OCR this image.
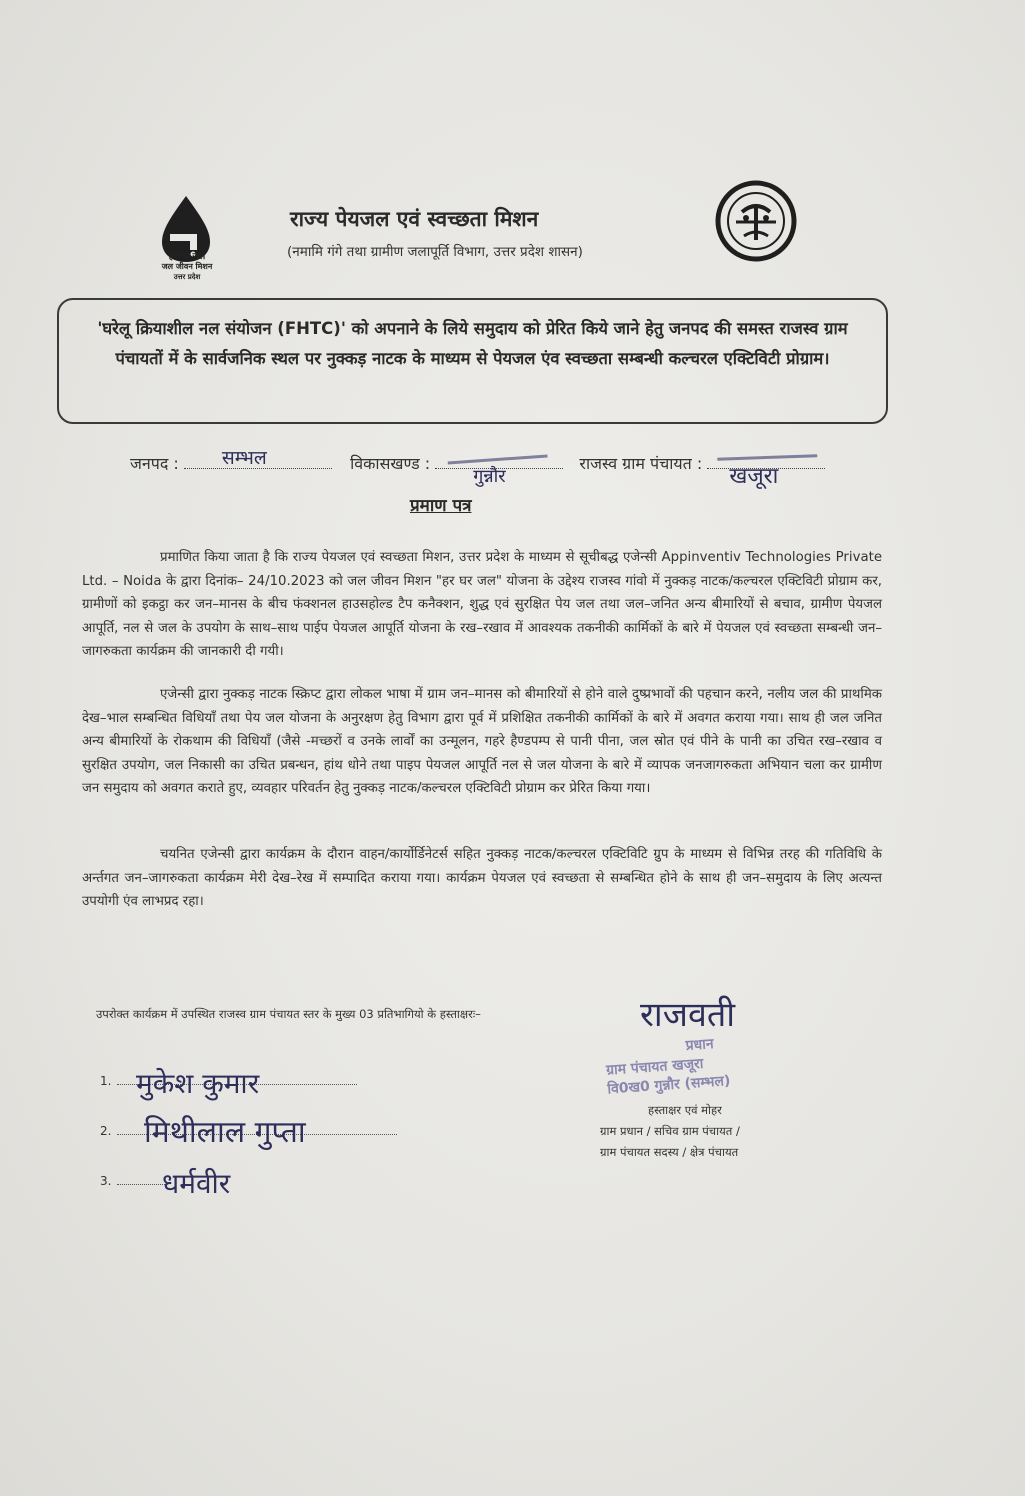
हर घर जल
जल जीवन मिशन
उत्तर प्रदेश
राज्य पेयजल एवं स्वच्छता मिशन
(नमामि गंगे तथा ग्रामीण जलापूर्ति विभाग, उत्तर प्रदेश शासन)
'घरेलू क्रियाशील नल संयोजन (FHTC)' को अपनाने के लिये समुदाय को प्रेरित किये जाने हेतु जनपद की समस्त राजस्व ग्राम पंचायतों में के सार्वजनिक स्थल पर नुक्कड़ नाटक के माध्यम से पेयजल एंव स्वच्छता सम्बन्धी कल्चरल एक्टिविटी प्रोग्राम।
जनपद : सम्भल	विकासखण्ड :
गुन्नौर
राजस्व ग्राम पंचायत :
खजूरा
प्रमाण पत्र
प्रमाणित किया जाता है कि राज्य पेयजल एवं स्वच्छता मिशन, उत्तर प्रदेश के माध्यम से सूचीबद्ध एजेन्सी Appinventiv Technologies Private Ltd. – Noida के द्वारा दिनांक– 24/10.2023 को जल जीवन मिशन "हर घर जल" योजना के उद्देश्य राजस्व गांवो में नुक्कड़ नाटक/कल्चरल एक्टिविटी प्रोग्राम कर, ग्रामीणों को इकट्ठा कर जन–मानस के बीच फंक्शनल हाउसहोल्ड टैप कनैक्शन, शुद्ध एवं सुरक्षित पेय जल तथा जल–जनित अन्य बीमारियों से बचाव, ग्रामीण पेयजल आपूर्ति, नल से जल के उपयोग के साथ–साथ पाईप पेयजल आपूर्ति योजना के रख–रखाव में आवश्यक तकनीकी कार्मिकों के बारे में पेयजल एवं स्वच्छता सम्बन्धी जन–जागरुकता कार्यक्रम की जानकारी दी गयी।
एजेन्सी द्वारा नुक्कड़ नाटक स्क्रिप्ट द्वारा लोकल भाषा में ग्राम जन–मानस को बीमारियों से होने वाले दुष्प्रभावों की पहचान करने, नलीय जल की प्राथमिक देख–भाल सम्बन्धित विधियाँ तथा पेय जल योजना के अनुरक्षण हेतु विभाग द्वारा पूर्व में प्रशिक्षित तकनीकी कार्मिकों के बारे में अवगत कराया गया। साथ ही जल जनित अन्य बीमारियों के रोकथाम की विधियाँ (जैसे -मच्छरों व उनके लार्वों का उन्मूलन, गहरे हैण्डपम्प से पानी पीना, जल स्रोत एवं पीने के पानी का उचित रख–रखाव व सुरक्षित उपयोग, जल निकासी का उचित प्रबन्धन, हांथ धोने तथा पाइप पेयजल आपूर्ति नल से जल योजना के बारे में व्यापक जनजागरुकता अभियान चला कर ग्रामीण जन समुदाय को अवगत कराते हुए, व्यवहार परिवर्तन हेतु नुक्कड़ नाटक/कल्चरल एक्टिविटी प्रोग्राम कर प्रेरित किया गया।
चयनित एजेन्सी द्वारा कार्यक्रम के दौरान वाहन/कार्योर्डिनेटर्स सहित नुक्कड़ नाटक/कल्चरल एक्टिविटि ग्रुप के माध्यम से विभिन्न तरह की गतिविधि के अर्न्तगत जन–जागरुकता कार्यक्रम मेरी देख–रेख में सम्पादित कराया गया। कार्यक्रम पेयजल एवं स्वच्छता से सम्बन्धित होने के साथ ही जन–समुदाय के लिए अत्यन्त उपयोगी एंव लाभप्रद रहा।
उपरोक्त कार्यक्रम में उपस्थित राजस्व ग्राम पंचायत स्तर के मुख्य 03 प्रतिभागियो के हस्ताक्षरः–
1. मुकेश कुमार
2. मिथीलाल गुप्ता
3. धर्मवीर
राजवती
प्रधान
ग्राम पंचायत खजूरा
वि0ख0 गुन्नौर (सम्भल)
हस्ताक्षर एवं मोहर
ग्राम प्रधान / सचिव ग्राम पंचायत /
ग्राम पंचायत सदस्य / क्षेत्र पंचायत
